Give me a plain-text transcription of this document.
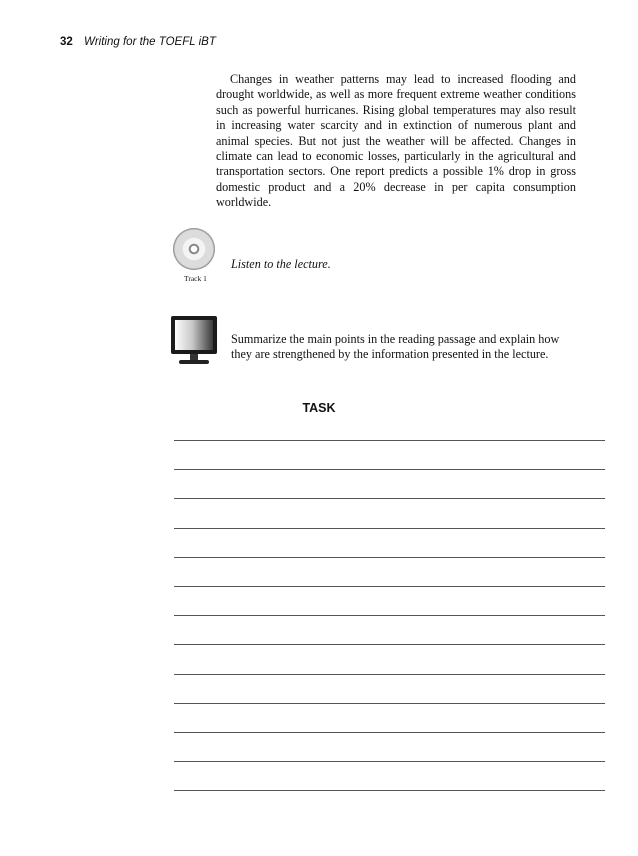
32 Writing for the TOEFL iBT

Changes in weather patterns may lead to increased flooding and drought worldwide, as well as more frequent extreme weather conditions such as powerful hurricanes. Rising global temperatures may also result in increasing water scarcity and in extinction of numerous plant and animal species. But not just the weather will be affected. Changes in climate can lead to economic losses, particularly in the agricultural and transportation sectors. One report predicts a possible 1% drop in gross domestic product and a 20% decrease in per capita consumption worldwide.

Track 1
Listen to the lecture.

Summarize the main points in the reading passage and explain how they are strengthened by the information presented in the lecture.

TASK
